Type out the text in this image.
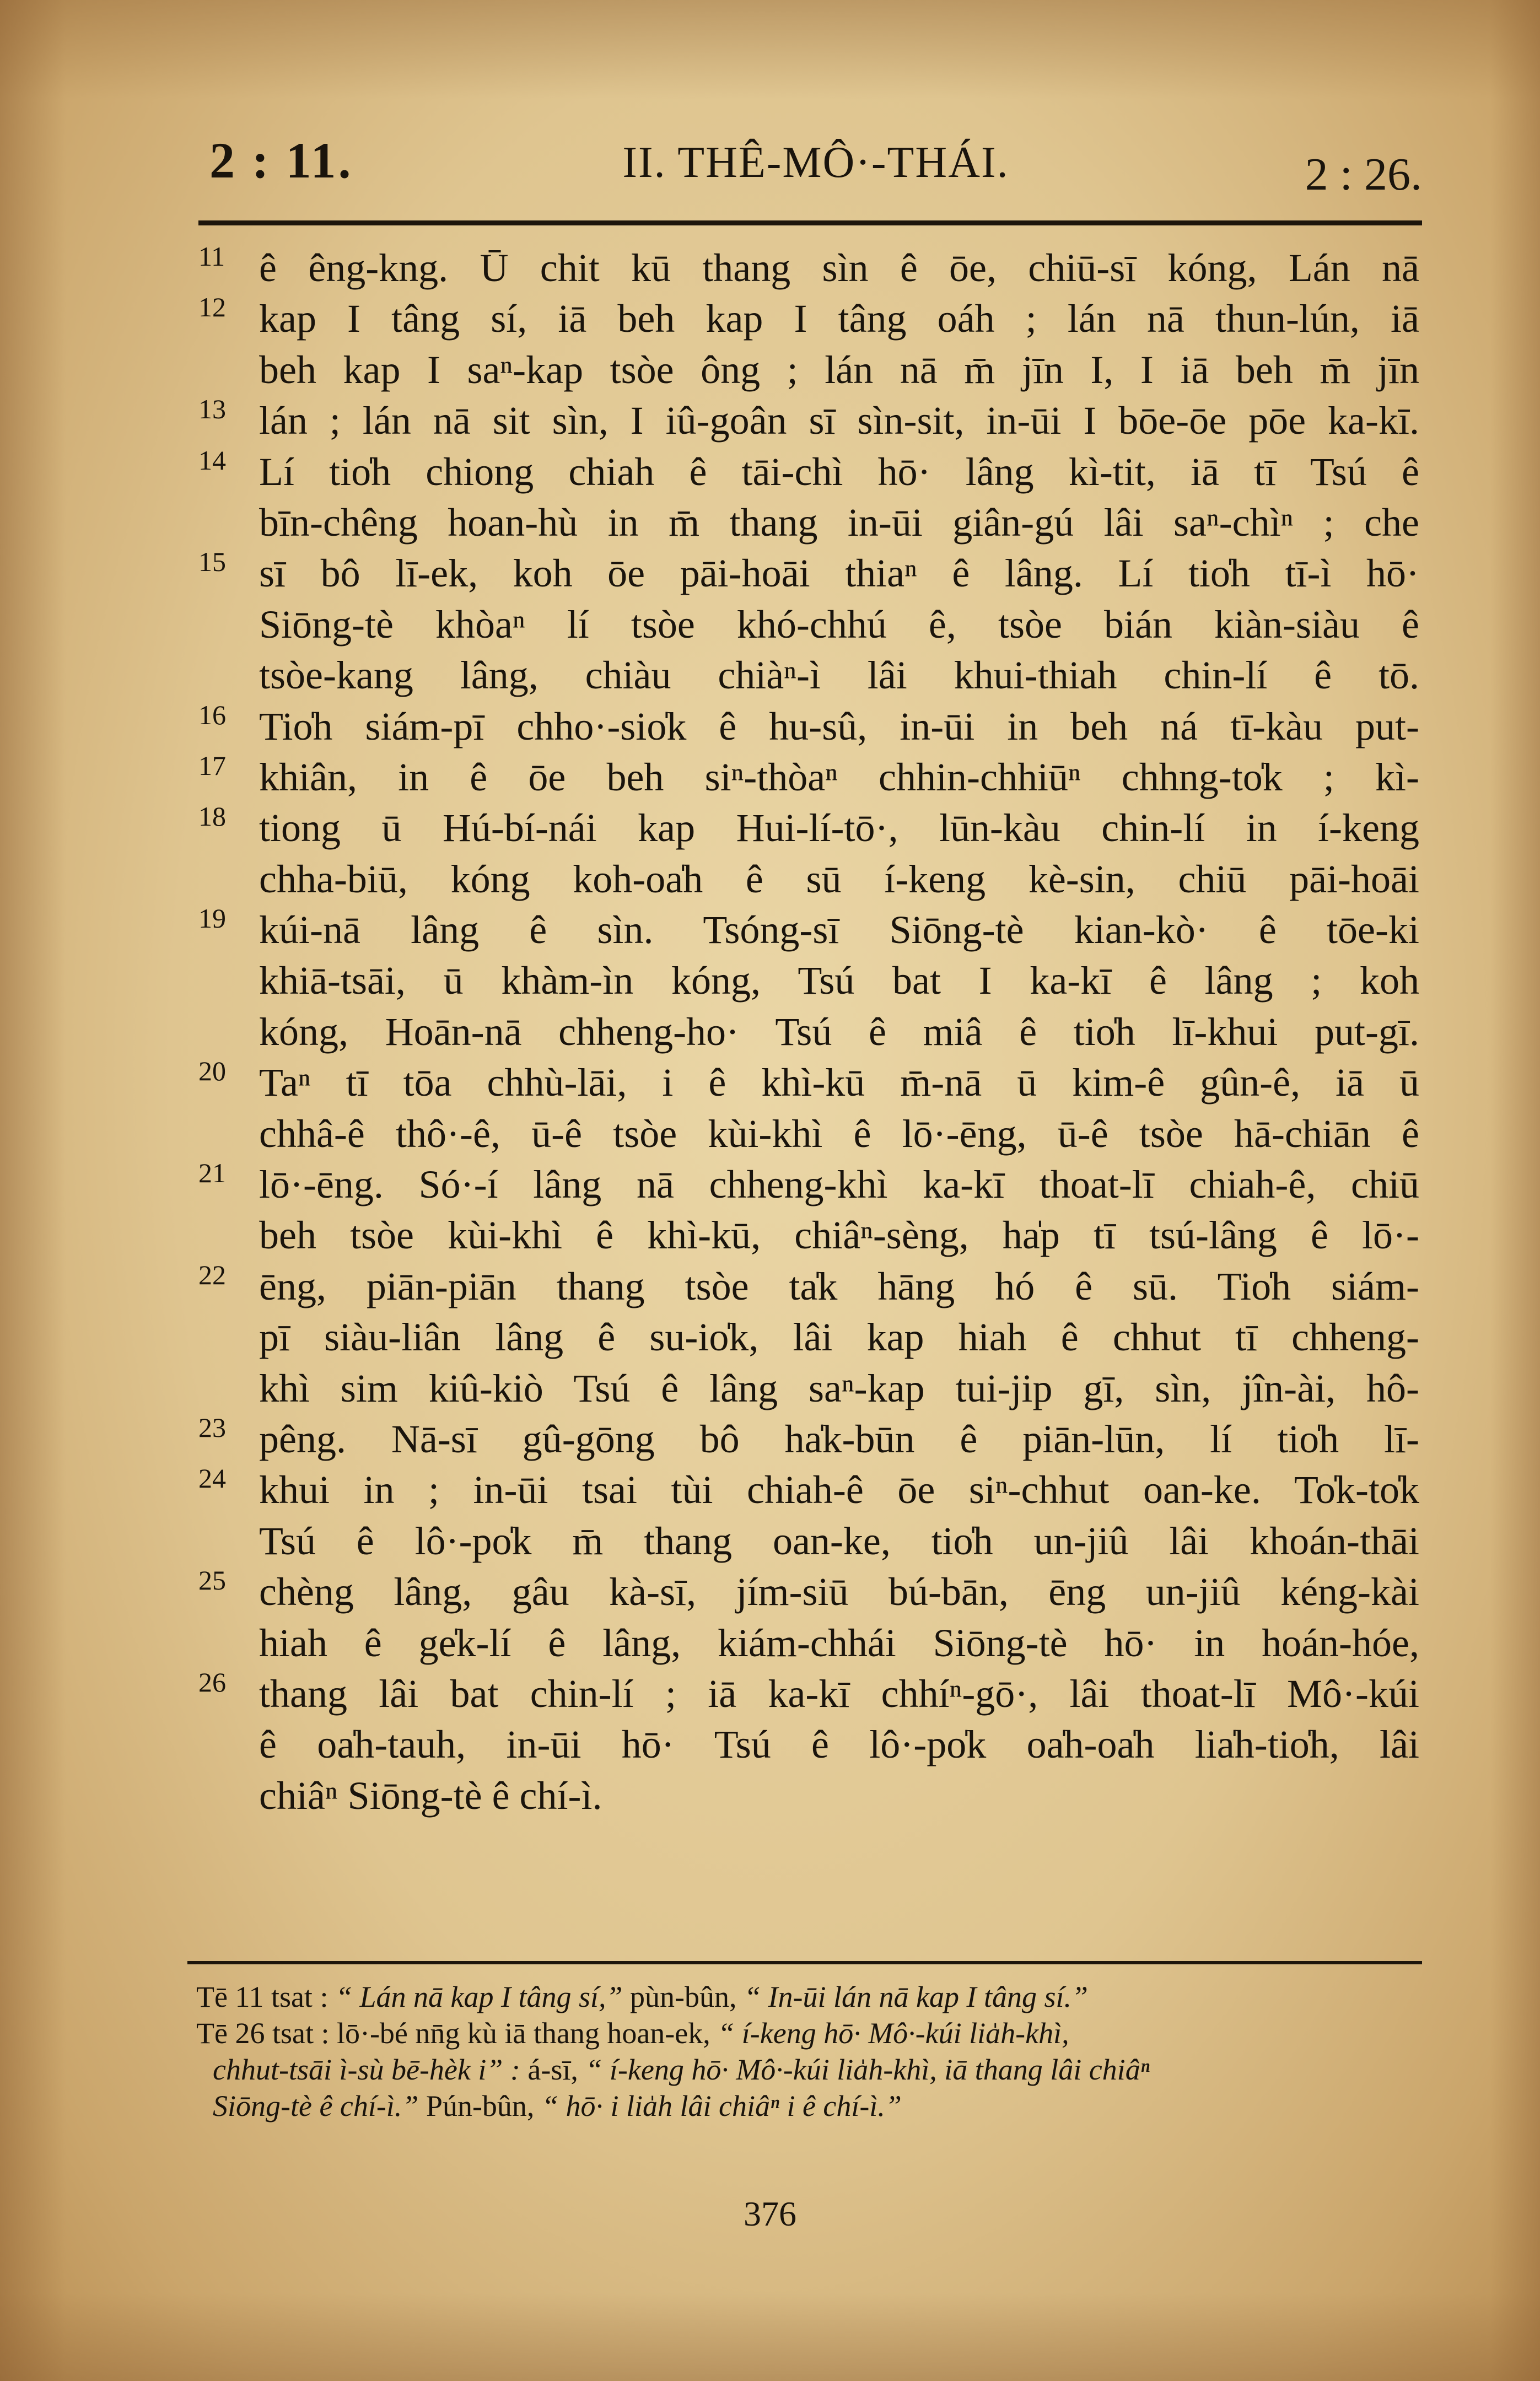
2 : 11.	II. THÊ-MÔ·-THÁI.	2 : 26.
11 ê êng-kng. Ū chit kū thang sìn ê ōe, chiū-sī kóng, Lán nā
12 kap I tâng sí, iā beh kap I tâng oáh ; lán nā thun-lún, iā
beh kap I saⁿ-kap tsòe ông ; lán nā m̄ jīn I, I iā beh m̄ jīn
13 lán ; lán nā sit sìn, I iû-goân sī sìn-sit, in-ūi I bōe-ōe pōe ka-kī.
14 Lí tio̍h chiong chiah ê tāi-chì hō· lâng kì-tit, iā tī Tsú ê
bīn-chêng hoan-hù in m̄ thang in-ūi giân-gú lâi saⁿ-chìⁿ ; che
15 sī bô lī-ek, koh ōe pāi-hoāi thiaⁿ ê lâng. Lí tio̍h tī-ì hō·
Siōng-tè khòaⁿ lí tsòe khó-chhú ê, tsòe bián kiàn-siàu ê
tsòe-kang lâng, chiàu chiàⁿ-ì lâi khui-thiah chin-lí ê tō.
16 Tio̍h siám-pī chho·-sio̍k ê hu-sû, in-ūi in beh ná tī-kàu put-
17 khiân, in ê ōe beh siⁿ-thòaⁿ chhin-chhiūⁿ chhng-to̍k ; kì-
18 tiong ū Hú-bí-nái kap Hui-lí-tō·, lūn-kàu chin-lí in í-keng
chha-biū, kóng koh-oa̍h ê sū í-keng kè-sin, chiū pāi-hoāi
19 kúi-nā lâng ê sìn. Tsóng-sī Siōng-tè kian-kò· ê tōe-ki
khiā-tsāi, ū khàm-ìn kóng, Tsú bat I ka-kī ê lâng ; koh
kóng, Hoān-nā chheng-ho· Tsú ê miâ ê tio̍h lī-khui put-gī.
20 Taⁿ tī tōa chhù-lāi, i ê khì-kū m̄-nā ū kim-ê gûn-ê, iā ū
chhâ-ê thô·-ê, ū-ê tsòe kùi-khì ê lō·-ēng, ū-ê tsòe hā-chiān ê
21 lō·-ēng. Só·-í lâng nā chheng-khì ka-kī thoat-lī chiah-ê, chiū
beh tsòe kùi-khì ê khì-kū, chiâⁿ-sèng, ha̍p tī tsú-lâng ê lō·-
22 ēng, piān-piān thang tsòe ta̍k hāng hó ê sū. Tio̍h siám-
pī siàu-liân lâng ê su-io̍k, lâi kap hiah ê chhut tī chheng-
khì sim kiû-kiò Tsú ê lâng saⁿ-kap tui-jip gī, sìn, jîn-ài, hô-
23 pêng. Nā-sī gû-gōng bô ha̍k-būn ê piān-lūn, lí tio̍h lī-
24 khui in ; in-ūi tsai tùi chiah-ê ōe siⁿ-chhut oan-ke. To̍k-to̍k
Tsú ê lô·-po̍k m̄ thang oan-ke, tio̍h un-jiû lâi khoán-thāi
25 chèng lâng, gâu kà-sī, jím-siū bú-bān, ēng un-jiû kéng-kài
hiah ê ge̍k-lí ê lâng, kiám-chhái Siōng-tè hō· in hoán-hóe,
26 thang lâi bat chin-lí ; iā ka-kī chhíⁿ-gō·, lâi thoat-lī Mô·-kúi
ê oa̍h-tauh, in-ūi hō· Tsú ê lô·-po̍k oa̍h-oa̍h lia̍h-tio̍h, lâi
chiâⁿ Siōng-tè ê chí-ì.
Tē 11 tsat : “ Lán nā kap I tâng sí,” pùn-bûn, “ In-ūi lán nā kap I tâng sí.”
Tē 26 tsat : lō·-bé nn̄g kù iā thang hoan-ek, “ í-keng hō· Mô·-kúi lia̍h-khì,
chhut-tsāi ì-sù bē-hèk i” : á-sī, “ í-keng hō· Mô·-kúi lia̍h-khì, iā thang lâi chiâⁿ
Siōng-tè ê chí-ì.” Pún-bûn, “ hō· i lia̍h lâi chiâⁿ i ê chí-ì.”
376
